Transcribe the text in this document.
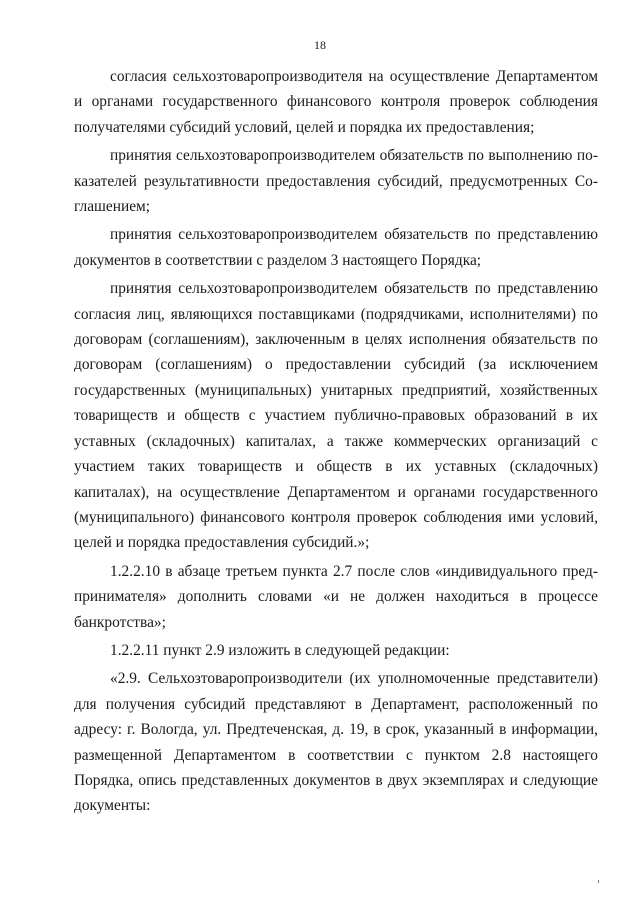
18

согласия сельхозтоваропроизводителя на осуществление Департаментом и органами государственного финансового контроля проверок соблюдения получателями субсидий условий, целей и порядка их предоставления;

принятия сельхозтоваропроизводителем обязательств по выполнению показателей результативности предоставления субсидий, предусмотренных Соглашением;

принятия сельхозтоваропроизводителем обязательств по представлению документов в соответствии с разделом 3 настоящего Порядка;

принятия сельхозтоваропроизводителем обязательств по представлению согласия лиц, являющихся поставщиками (подрядчиками, исполнителями) по договорам (соглашениям), заключенным в целях исполнения обязательств по договорам (соглашениям) о предоставлении субсидий (за исключением государственных (муниципальных) унитарных предприятий, хозяйственных товариществ и обществ с участием публично-правовых образований в их уставных (складочных) капиталах, а также коммерческих организаций с участием таких товариществ и обществ в их уставных (складочных) капиталах), на осуществление Департаментом и органами государственного (муниципального) финансового контроля проверок соблюдения ими условий, целей и порядка предоставления субсидий.»;

1.2.2.10 в абзаце третьем пункта 2.7 после слов «индивидуального предпринимателя» дополнить словами «и не должен находиться в процессе банкротства»;

1.2.2.11 пункт 2.9 изложить в следующей редакции:

«2.9. Сельхозтоваропроизводители (их уполномоченные представители) для получения субсидий представляют в Департамент, расположенный по адресу: г. Вологда, ул. Предтеченская, д. 19, в срок, указанный в информации, размещенной Департаментом в соответствии с пунктом 2.8 настоящего Порядка, опись представленных документов в двух экземплярах и следующие документы:
